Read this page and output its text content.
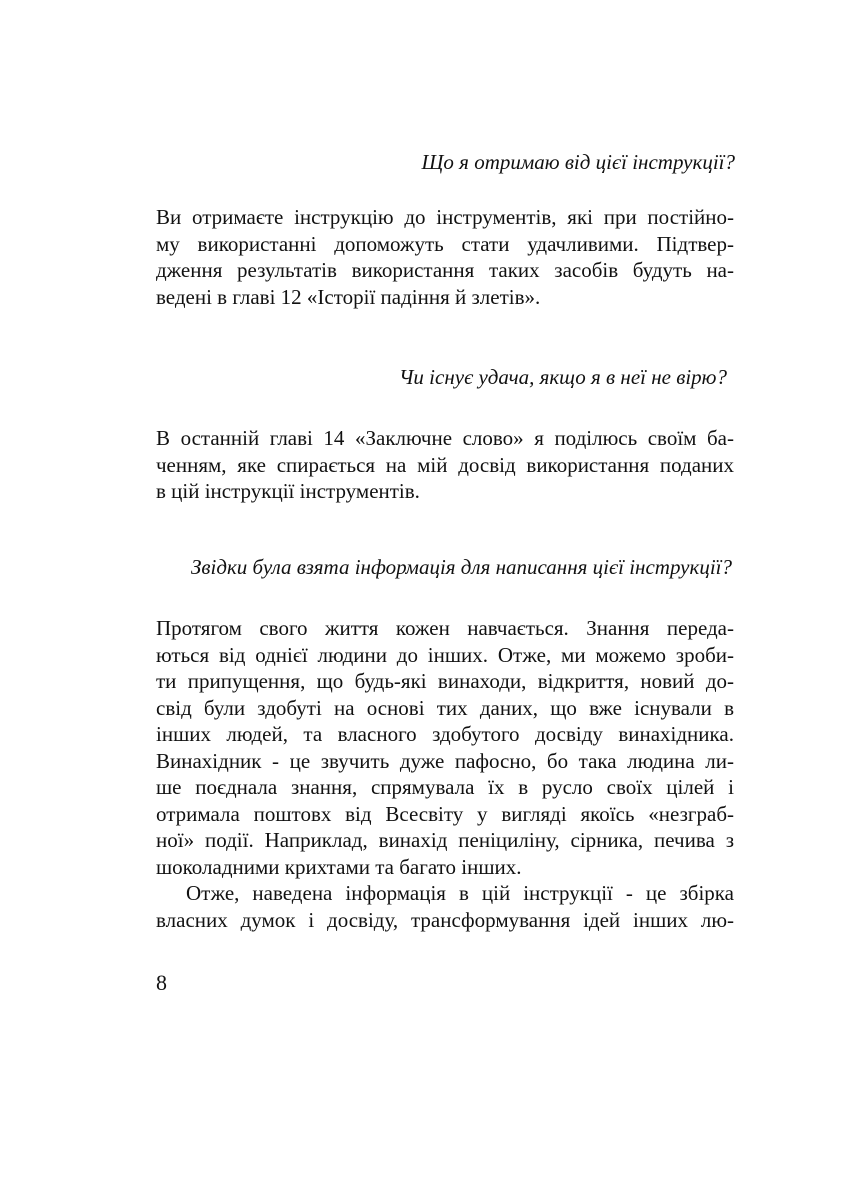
Що я отримаю від цієї інструкції?
Ви отримаєте інструкцію до інструментів, які при постійно-
му використанні допоможуть стати удачливими. Підтвер-
дження результатів використання таких засобів будуть на-
ведені в главі 12 «Історії падіння й злетів».
Чи існує удача, якщо я в неї не вірю?
В останній главі 14 «Заключне слово» я поділюсь своїм ба-
ченням, яке спирається на мій досвід використання поданих
в цій інструкції інструментів.
Звідки була взята інформація для написання цієї інструкції?
Протягом свого життя кожен навчається. Знання переда-
ються від однієї людини до інших. Отже, ми можемо зроби-
ти припущення, що будь-які винаходи, відкриття, новий до-
свід були здобуті на основі тих даних, що вже існували в
інших людей, та власного здобутого досвіду винахідника.
Винахідник - це звучить дуже пафосно, бо така людина ли-
ше поєднала знання, спрямувала їх в русло своїх цілей і
отримала поштовх від Всесвіту у вигляді якоїсь «незграб-
ної» події. Наприклад, винахід пеніциліну, сірника, печива з
шоколадними крихтами та багато інших.
Отже, наведена інформація в цій інструкції - це збірка
власних думок і досвіду, трансформування ідей інших лю-
8
